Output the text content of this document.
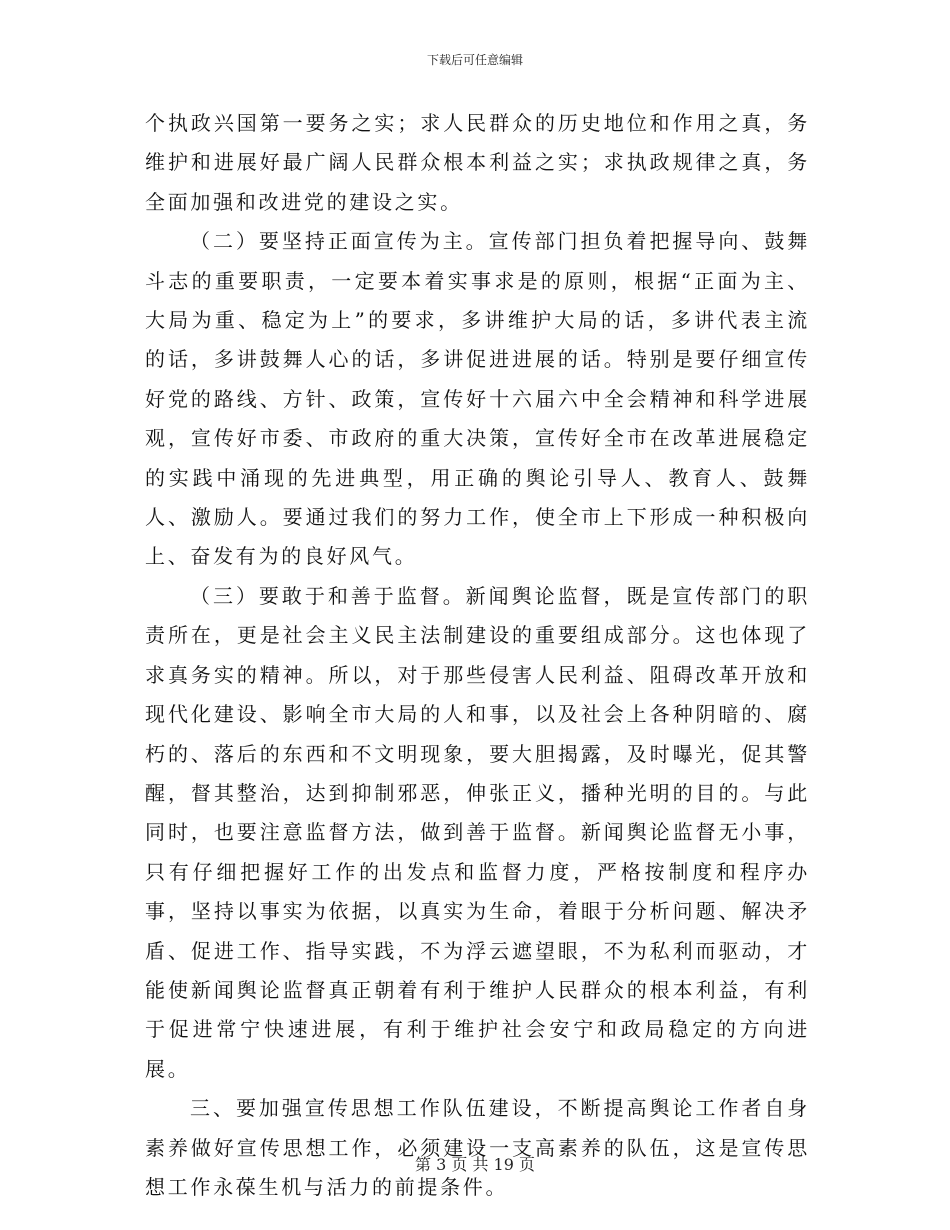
下载后可任意编辑

个执政兴国第一要务之实；求人民群众的历史地位和作用之真，务维护和进展好最广阔人民群众根本利益之实；求执政规律之真，务全面加强和改进党的建设之实。

（二）要坚持正面宣传为主。宣传部门担负着把握导向、鼓舞斗志的重要职责，一定要本着实事求是的原则，根据“正面为主、大局为重、稳定为上”的要求，多讲维护大局的话，多讲代表主流的话，多讲鼓舞人心的话，多讲促进进展的话。特别是要仔细宣传好党的路线、方针、政策，宣传好十六届六中全会精神和科学进展观，宣传好市委、市政府的重大决策，宣传好全市在改革进展稳定的实践中涌现的先进典型，用正确的舆论引导人、教育人、鼓舞人、激励人。要通过我们的努力工作，使全市上下形成一种积极向上、奋发有为的良好风气。

（三）要敢于和善于监督。新闻舆论监督，既是宣传部门的职责所在，更是社会主义民主法制建设的重要组成部分。这也体现了求真务实的精神。所以，对于那些侵害人民利益、阻碍改革开放和现代化建设、影响全市大局的人和事，以及社会上各种阴暗的、腐朽的、落后的东西和不文明现象，要大胆揭露，及时曝光，促其警醒，督其整治，达到抑制邪恶，伸张正义，播种光明的目的。与此同时，也要注意监督方法，做到善于监督。新闻舆论监督无小事，只有仔细把握好工作的出发点和监督力度，严格按制度和程序办事，坚持以事实为依据，以真实为生命，着眼于分析问题、解决矛盾、促进工作、指导实践，不为浮云遮望眼，不为私利而驱动，才能使新闻舆论监督真正朝着有利于维护人民群众的根本利益，有利于促进常宁快速进展，有利于维护社会安宁和政局稳定的方向进展。

三、要加强宣传思想工作队伍建设，不断提高舆论工作者自身素养做好宣传思想工作，必须建设一支高素养的队伍，这是宣传思想工作永葆生机与活力的前提条件。

第 3 页 共 19 页
